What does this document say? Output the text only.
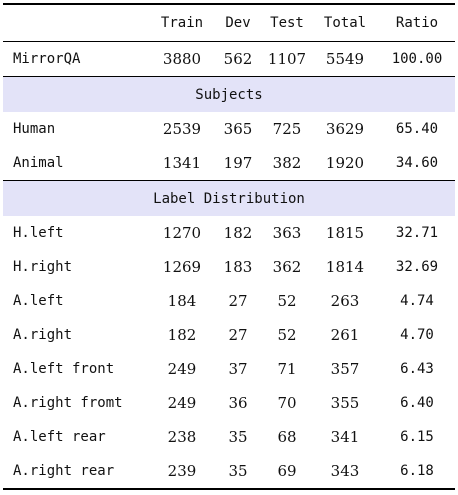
	Train	Dev	Test	Total	Ratio
MirrorQA	3880	562	1107	5549	100.00
Subjects					
Human	2539	365	725	3629	65.40
Animal	1341	197	382	1920	34.60
Label Distribution					
H.left	1270	182	363	1815	32.71
H.right	1269	183	362	1814	32.69
A.left	184	27	52	263	4.74
A.right	182	27	52	261	4.70
A.left front	249	37	71	357	6.43
A.right fromt	249	36	70	355	6.40
A.left rear	238	35	68	341	6.15
A.right rear	239	35	69	343	6.18
